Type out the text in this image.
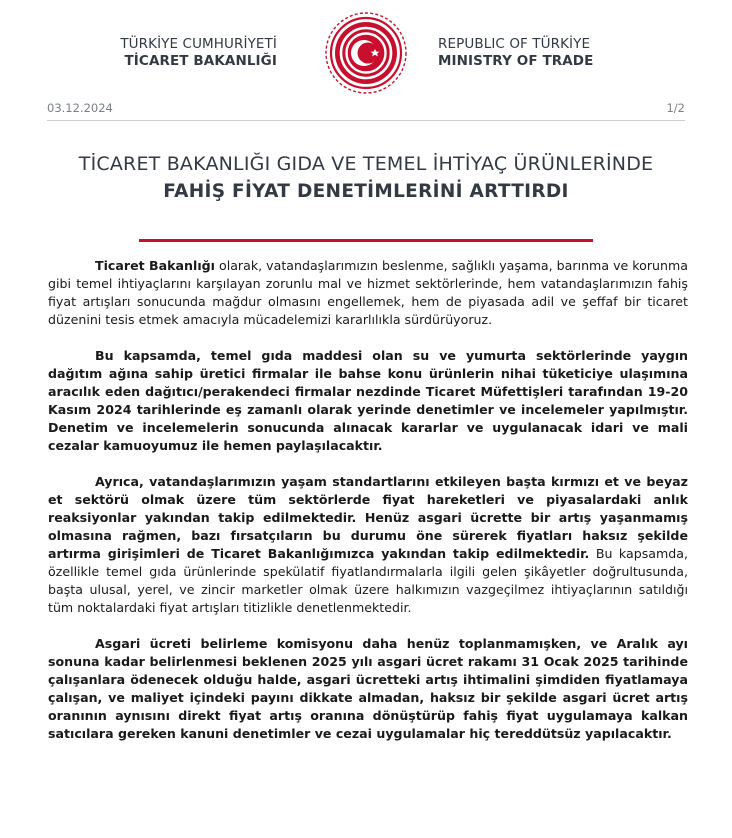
TÜRKİYE CUMHURİYETİ
TİCARET BAKANLIĞI
REPUBLIC OF TÜRKİYE
MINISTRY OF TRADE
03.12.2024	1/2
TİCARET BAKANLIĞI GIDA VE TEMEL İHTİYAÇ ÜRÜNLERİNDE
FAHİŞ FİYAT DENETİMLERİNİ ARTTIRDI

Ticaret Bakanlığı olarak, vatandaşlarımızın beslenme, sağlıklı yaşama, barınma ve korunma gibi temel ihtiyaçlarını karşılayan zorunlu mal ve hizmet sektörlerinde, hem vatandaşlarımızın fahiş fiyat artışları sonucunda mağdur olmasını engellemek, hem de piyasada adil ve şeffaf bir ticaret düzenini tesis etmek amacıyla mücadelemizi kararlılıkla sürdürüyoruz.

Bu kapsamda, temel gıda maddesi olan su ve yumurta sektörlerinde yaygın dağıtım ağına sahip üretici firmalar ile bahse konu ürünlerin nihai tüketiciye ulaşımına aracılık eden dağıtıcı/perakendeci firmalar nezdinde Ticaret Müfettişleri tarafından 19-20 Kasım 2024 tarihlerinde eş zamanlı olarak yerinde denetimler ve incelemeler yapılmıştır. Denetim ve incelemelerin sonucunda alınacak kararlar ve uygulanacak idari ve mali cezalar kamuoyumuz ile hemen paylaşılacaktır.

Ayrıca, vatandaşlarımızın yaşam standartlarını etkileyen başta kırmızı et ve beyaz et sektörü olmak üzere tüm sektörlerde fiyat hareketleri ve piyasalardaki anlık reaksiyonlar yakından takip edilmektedir. Henüz asgari ücrette bir artış yaşanmamış olmasına rağmen, bazı fırsatçıların bu durumu öne sürerek fiyatları haksız şekilde artırma girişimleri de Ticaret Bakanlığımızca yakından takip edilmektedir. Bu kapsamda, özellikle temel gıda ürünlerinde spekülatif fiyatlandırmalarla ilgili gelen şikâyetler doğrultusunda, başta ulusal, yerel, ve zincir marketler olmak üzere halkımızın vazgeçilmez ihtiyaçlarının satıldığı tüm noktalardaki fiyat artışları titizlikle denetlenmektedir.

Asgari ücreti belirleme komisyonu daha henüz toplanmamışken, ve Aralık ayı sonuna kadar belirlenmesi beklenen 2025 yılı asgari ücret rakamı 31 Ocak 2025 tarihinde çalışanlara ödenecek olduğu halde, asgari ücretteki artış ihtimalini şimdiden fiyatlamaya çalışan, ve maliyet içindeki payını dikkate almadan, haksız bir şekilde asgari ücret artış oranının aynısını direkt fiyat artış oranına dönüştürüp fahiş fiyat uygulamaya kalkan satıcılara gereken kanuni denetimler ve cezai uygulamalar hiç tereddütsüz yapılacaktır.
